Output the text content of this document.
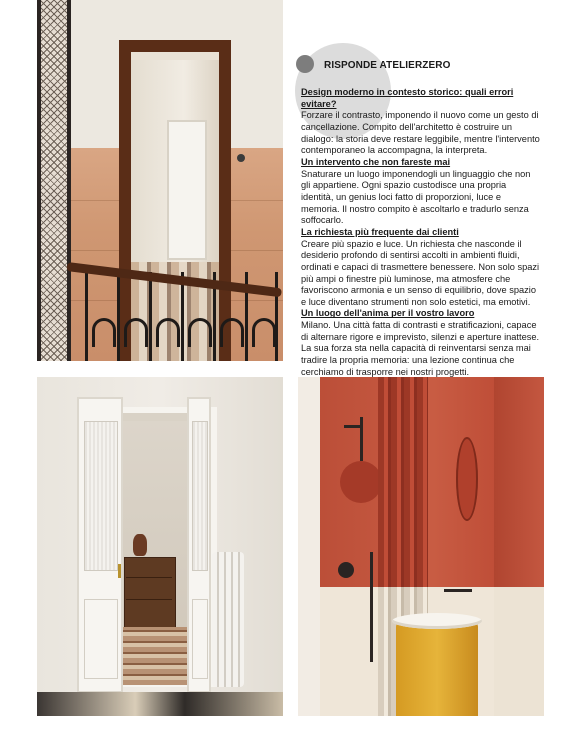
RISPONDE ATELIERZERO

Design moderno in contesto storico: quali errori evitare?

Forzare il contrasto, imponendo il nuovo come un gesto di cancellazione. Compito dell'architetto è costruire un dialogo: la storia deve restare leggibile, mentre l'intervento contemporaneo la accompagna, la interpreta.

Un intervento che non fareste mai

Snaturare un luogo imponendogli un linguaggio che non gli appartiene. Ogni spazio custodisce una propria identità, un genius loci fatto di proporzioni, luce e memoria. Il nostro compito è ascoltarlo e tradurlo senza soffocarlo.

La richiesta più frequente dai clienti

Creare più spazio e luce. Un richiesta che nasconde il desiderio profondo di sentirsi accolti in ambienti fluidi, ordinati e capaci di trasmettere benessere. Non solo spazi più ampi o finestre più luminose, ma atmosfere che favoriscono armonia e un senso di equilibrio, dove spazio e luce diventano strumenti non solo estetici, ma emotivi.

Un luogo dell'anima per il vostro lavoro

Milano. Una città fatta di contrasti e stratificazioni, capace di alternare rigore e imprevisto, silenzi e aperture inattese. La sua forza sta nella capacità di reinventarsi senza mai tradire la propria memoria: una lezione continua che cerchiamo di trasporre nei nostri progetti.
